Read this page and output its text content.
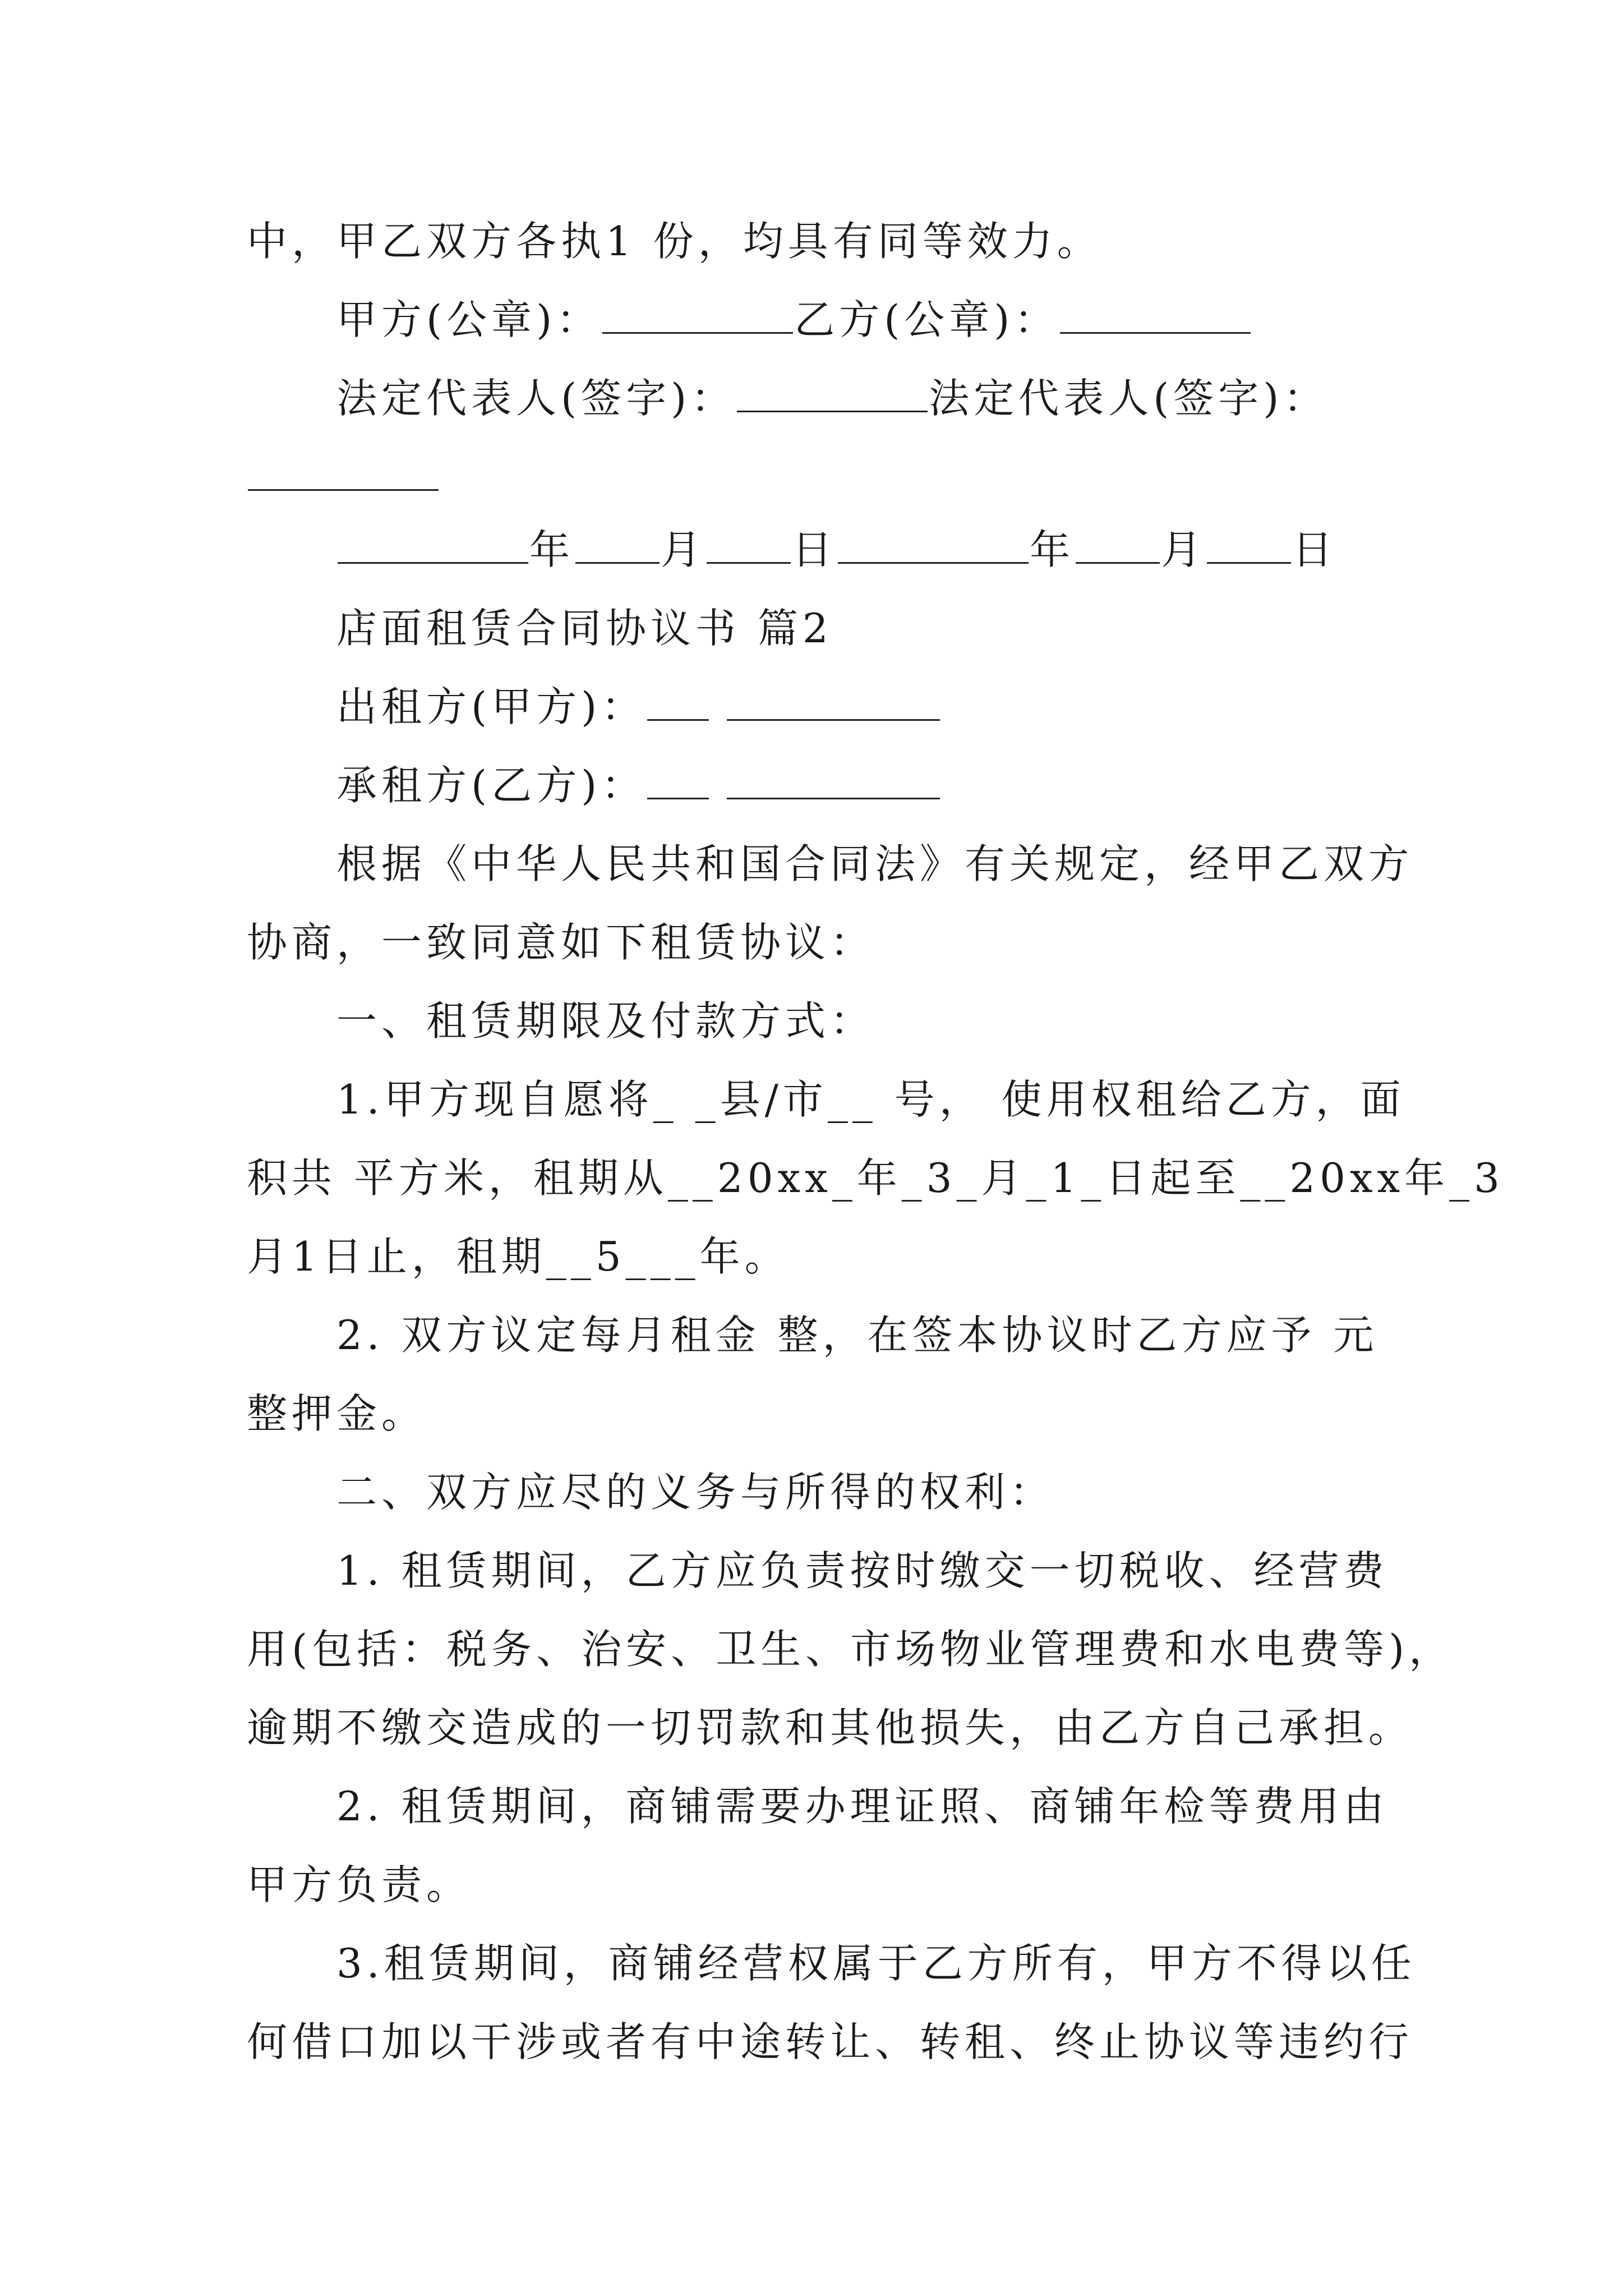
中，甲乙双方各执1 份，均具有同等效力。
甲方(公章)：	乙方(公章)：
法定代表人(签字)：	法定代表人(签字)：
年 月 日	年 月 日
店面租赁合同协议书 篇2
出租方(甲方)：
承租方(乙方)：
根据《中华人民共和国合同法》有关规定，经甲乙双方
协商，一致同意如下租赁协议：
一、租赁期限及付款方式：
1.甲方现自愿将_ _县/市__ 号， 使用权租给乙方，面
积共 平方米，租期从__20xx_年_3_月_1_日起至__20xx年_3
月1日止，租期__5___年。
2. 双方议定每月租金 整，在签本协议时乙方应予 元
整押金。
二、双方应尽的义务与所得的权利：
1. 租赁期间，乙方应负责按时缴交一切税收、经营费
用(包括：税务、治安、卫生、市场物业管理费和水电费等)，
逾期不缴交造成的一切罚款和其他损失，由乙方自己承担。
2. 租赁期间，商铺需要办理证照、商铺年检等费用由
甲方负责。
3.租赁期间，商铺经营权属于乙方所有，甲方不得以任
何借口加以干涉或者有中途转让、转租、终止协议等违约行
